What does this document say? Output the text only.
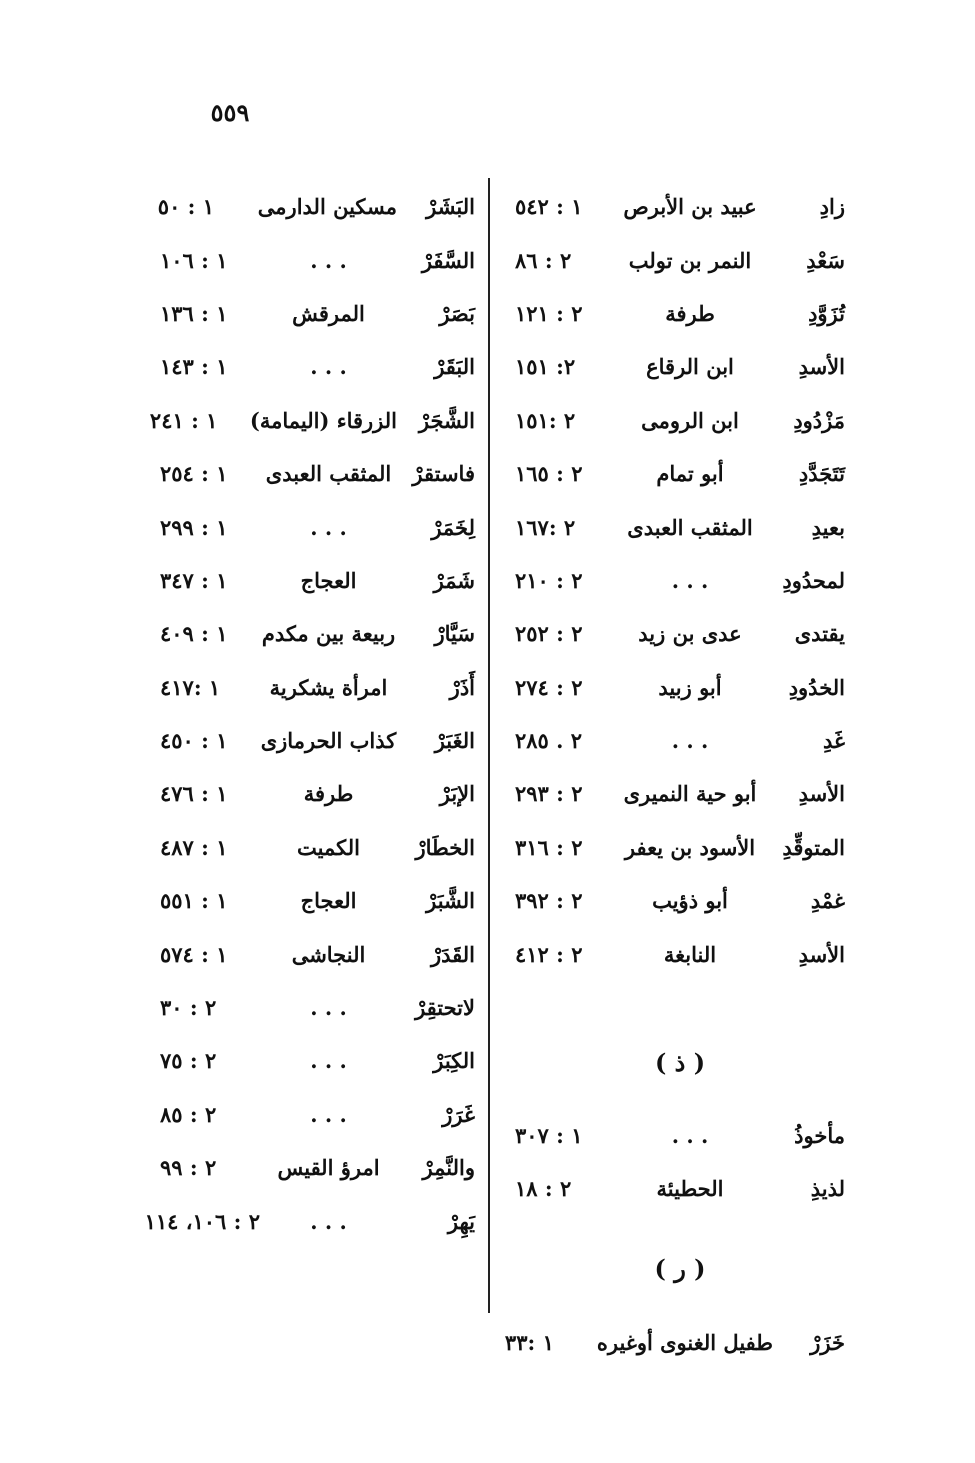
٥٥٩
زادِ
عبيد بن الأبرص
١ : ٥٤٢
سَعْدِ
النمر بن تولب
٢ : ٨٦
تُزَوَّدِ
طرفة
٢ : ١٢١
الأسدِ
ابن الرقاع
٢: ١٥١
مَزْدُودِ
ابن الرومى
٢ :١٥١
تَتَجَدَّدِ
أبو تمام
٢ : ١٦٥
بعيدِ
المثقب العبدى
٢ :١٦٧
لمحدُودِ
. . .
٢ : ٢١٠
يقتدى
عدى بن زيد
٢ : ٢٥٢
الخدُودِ
أبو زبيد
٢ : ٢٧٤
غَدِ
. . .
٢ . ٢٨٥
الأسدِ
أبو حية النميرى
٢ : ٢٩٣
المتوقِّدِ
الأسود بن يعفر
٢ : ٣١٦
غمْدِ
أبو ذؤيب
٢ : ٣٩٢
الأسدِ
النابغة
٢ : ٤١٢
( ذ )
مأخوذُ
. . .
١ : ٣٠٧
لذيذِ
الحطيئة
٢ : ١٨
( ر )
خَزَرْ
طفيل الغنوى أوغيره
١ :٣٣
البَشَرْ
مسكين الدارمى
١ : ٥٠
السَّفَرْ
. . .
١ : ١٠٦
بَصَرْ
المرقش
١ : ١٣٦
البَقَرْ
. . .
١ : ١٤٣
الشَّجَرْ
الزرقاء (اليمامة)
١ : ٢٤١
فاستقرْ
المثقب العبدى
١ : ٢٥٤
لِخَمَرْ
. . .
١ : ٢٩٩
شَمَرْ
العجاج
١ : ٣٤٧
سَيَّارْ
ربيعة بين مكدم
١ : ٤٠٩
أَذَرْ
امرأة يشكرية
١ :٤١٧
الغَبَرْ
كذاب الحرمازى
١ : ٤٥٠
الإبَرْ
طرفة
١ : ٤٧٦
الخطَارْ
الكميت
١ : ٤٨٧
الشَّبَرْ
العجاج
١ : ٥٥١
القَدَرْ
النجاشى
١ : ٥٧٤
لاتحتقِرْ
. . .
٢ : ٣٠
الكِبَرْ
. . .
٢ : ٧٥
غَرَرْ
. . .
٢ : ٨٥
والنَّمِرْ
امرؤ القيس
٢ : ٩٩
يَهِرْ
. . .
٢ : ١٠٦، ١١٤
